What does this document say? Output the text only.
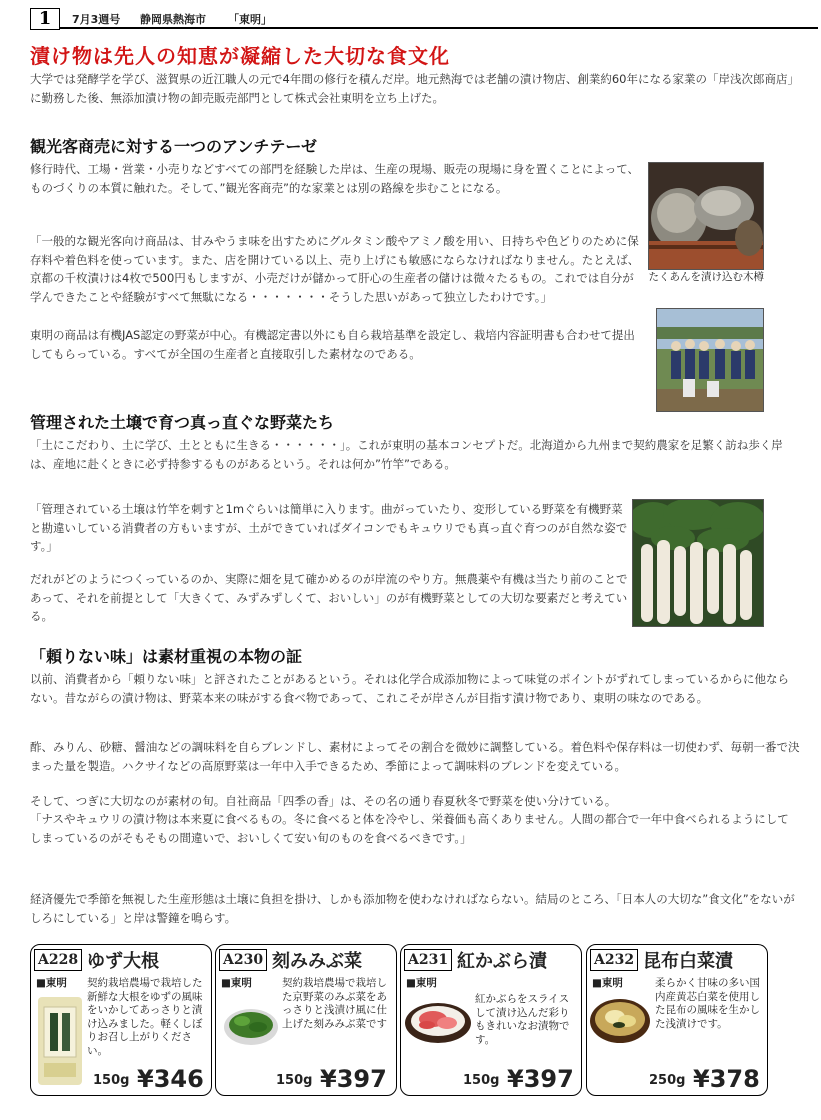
1	7月3週号 静岡県熱海市 「東明」
漬け物は先人の知恵が凝縮した大切な食文化
大学では発酵学を学び、滋賀県の近江職人の元で4年間の修行を積んだ岸。地元熱海では老舗の漬け物店、創業約60年になる家業の「岸浅次郎商店」に勤務した後、無添加漬け物の卸売販売部門として株式会社東明を立ち上げた。
観光客商売に対する一つのアンチテーゼ
修行時代、工場・営業・小売りなどすべての部門を経験した岸は、生産の現場、販売の現場に身を置くことによって、ものづくりの本質に触れた。そして、”観光客商売”的な家業とは別の路線を歩むことになる。
「一般的な観光客向け商品は、甘みやうま味を出すためにグルタミン酸やアミノ酸を用い、日持ちや色どりのために保存料や着色料を使っています。また、店を開けている以上、売り上げにも敏感にならなければなりません。たとえば、京都の千枚漬けは4枚で500円もしますが、小売だけが儲かって肝心の生産者の儲けは微々たるもの。これでは自分が学んできたことや経験がすべて無駄になる・・・・・・・そうした思いがあって独立したわけです。」
東明の商品は有機JAS認定の野菜が中心。有機認定書以外にも自ら栽培基準を設定し、栽培内容証明書も合わせて提出してもらっている。すべてが全国の生産者と直接取引した素材なのである。
たくあんを漬け込む木樽
管理された土壌で育つ真っ直ぐな野菜たち
「土にこだわり、土に学び、土とともに生きる・・・・・・」。これが東明の基本コンセプトだ。北海道から九州まで契約農家を足繁く訪ね歩く岸は、産地に赴くときに必ず持参するものがあるという。それは何か”竹竿”である。
「管理されている土壌は竹竿を刺すと1mぐらいは簡単に入ります。曲がっていたり、変形している野菜を有機野菜と勘違いしている消費者の方もいますが、土ができていればダイコンでもキュウリでも真っ直ぐ育つのが自然な姿です。」
だれがどのようにつくっているのか、実際に畑を見て確かめるのが岸流のやり方。無農薬や有機は当たり前のことであって、それを前提として「大きくて、みずみずしくて、おいしい」のが有機野菜としての大切な要素だと考えている。
「頼りない味」は素材重視の本物の証
以前、消費者から「頼りない味」と評されたことがあるという。それは化学合成添加物によって味覚のポイントがずれてしまっているからに他ならない。昔ながらの漬け物は、野菜本来の味がする食べ物であって、これこそが岸さんが目指す漬け物であり、東明の味なのである。
酢、みりん、砂糖、醤油などの調味料を自らブレンドし、素材によってその割合を微妙に調整している。着色料や保存料は一切使わず、毎朝一番で決まった量を製造。ハクサイなどの高原野菜は一年中入手できるため、季節によって調味料のブレンドを変えている。
そして、つぎに大切なのが素材の旬。自社商品「四季の香」は、その名の通り春夏秋冬で野菜を使い分けている。
「ナスやキュウリの漬け物は本来夏に食べるもの。冬に食べると体を冷やし、栄養価も高くありません。人間の都合で一年中食べられるようにしてしまっているのがそもそもの間違いで、おいしくて安い旬のものを食べるべきです。」
経済優先で季節を無視した生産形態は土壌に負担を掛け、しかも添加物を使わなければならない。結局のところ、「日本人の大切な”食文化”をないがしろにしている」と岸は警鐘を鳴らす。
A228 ゆず大根
■東明 契約栽培農場で栽培した新鮮な大根をゆずの風味をいかしてあっさりと漬け込みました。軽くしぼりお召し上がりください。
150g ¥346
A230 刻みみぶ菜
■東明	契約栽培農場で栽培した京野菜のみぶ菜をあっさりと浅漬け風に仕上げた刻みみぶ菜です
150g ¥397
A231 紅かぶら漬
■東明
紅かぶらをスライスして漬け込んだ彩りもきれいなお漬物です。
150g ¥397
A232 昆布白菜漬
■東明	柔らかく甘味の多い国内産黄芯白菜を使用した昆布の風味を生かした浅漬けです。
250g ¥378
